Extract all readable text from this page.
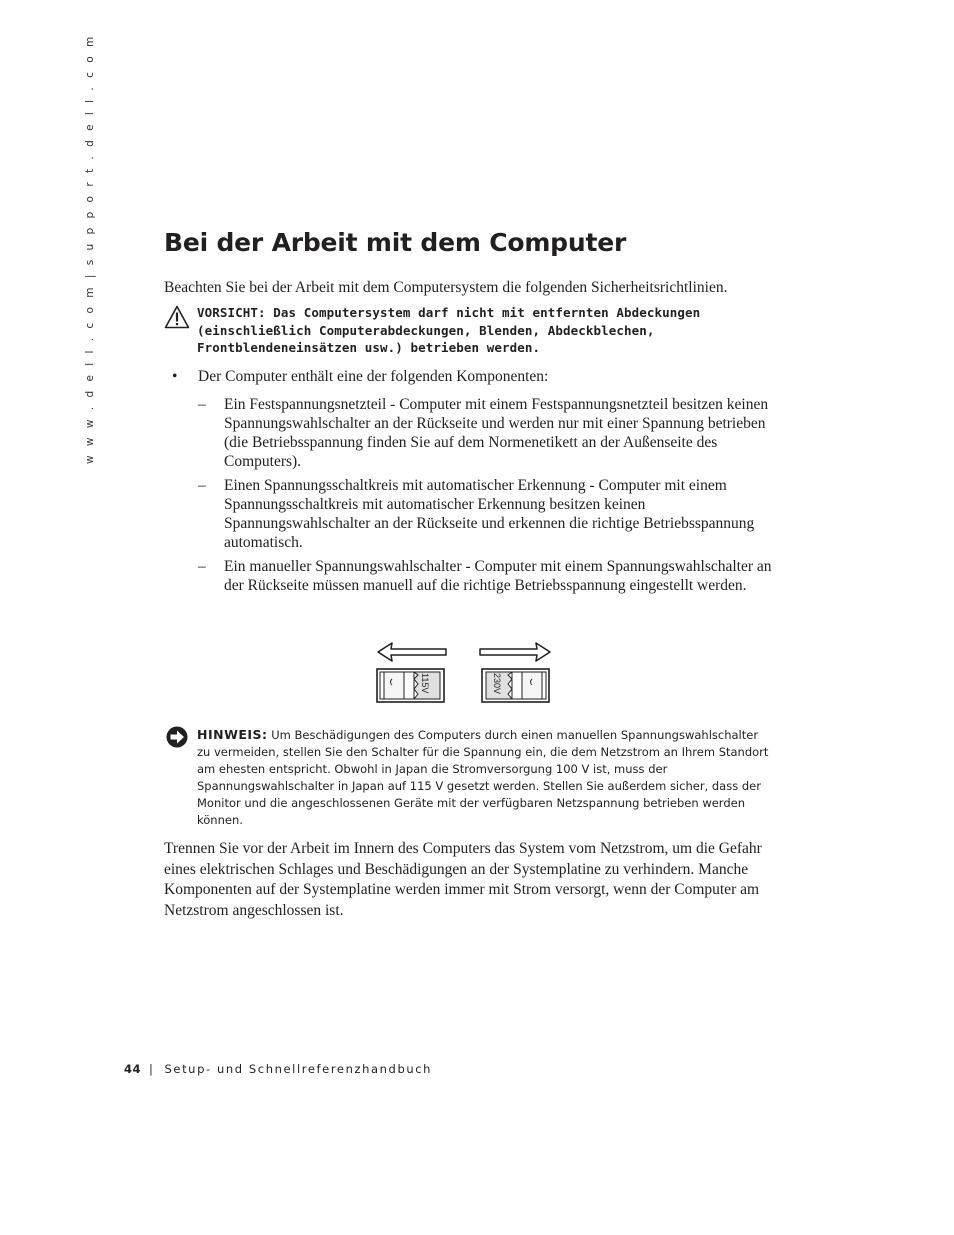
w w w . d e l l . c o m | s u p p o r t . d e l l . c o m	Bei der Arbeit mit dem Computer
Beachten Sie bei der Arbeit mit dem Computersystem die folgenden Sicherheitsrichtlinien.

VORSICHT: Das Computersystem darf nicht mit entfernten Abdeckungen (einschließlich Computerabdeckungen, Blenden, Abdeckblechen, Frontblendeneinsätzen usw.) betrieben werden.

• Der Computer enthält eine der folgenden Komponenten:
– Ein Festspannungsnetzteil - Computer mit einem Festspannungsnetzteil besitzen keinen Spannungswahlschalter an der Rückseite und werden nur mit einer Spannung betrieben (die Betriebsspannung finden Sie auf dem Normenetikett an der Außenseite des Computers).
– Einen Spannungsschaltkreis mit automatischer Erkennung - Computer mit einem Spannungsschaltkreis mit automatischer Erkennung besitzen keinen Spannungswahlschalter an der Rückseite und erkennen die richtige Betriebsspannung automatisch.
– Ein manueller Spannungswahlschalter - Computer mit einem Spannungswahlschalter an der Rückseite müssen manuell auf die richtige Betriebsspannung eingestellt werden.
115V	230V

HINWEIS: Um Beschädigungen des Computers durch einen manuellen Spannungswahlschalter zu vermeiden, stellen Sie den Schalter für die Spannung ein, die dem Netzstrom an Ihrem Standort am ehesten entspricht. Obwohl in Japan die Stromversorgung 100 V ist, muss der Spannungswahlschalter in Japan auf 115 V gesetzt werden. Stellen Sie außerdem sicher, dass der Monitor und die angeschlossenen Geräte mit der verfügbaren Netzspannung betrieben werden können.

Trennen Sie vor der Arbeit im Innern des Computers das System vom Netzstrom, um die Gefahr eines elektrischen Schlages und Beschädigungen an der Systemplatine zu verhindern. Manche Komponenten auf der Systemplatine werden immer mit Strom versorgt, wenn der Computer am Netzstrom angeschlossen ist.
44 | Setup- und Schnellreferenzhandbuch
